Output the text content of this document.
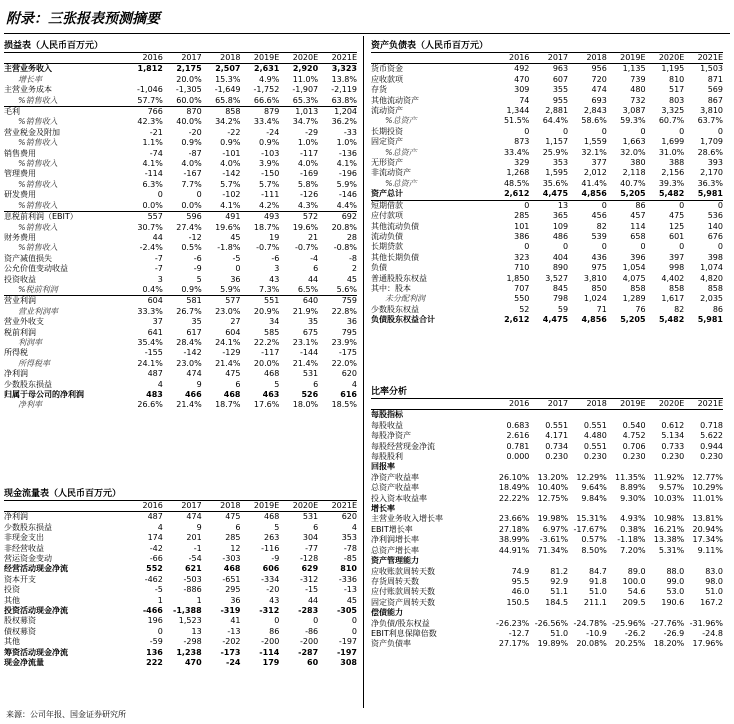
附录：三张报表预测摘要
损益表（人民币百万元）
	2016	2017	2018	2019E	2020E	2021E
主营业务收入	1,812	2,175	2,507	2,631	2,920	3,323
增长率		20.0%	15.3%	4.9%	11.0%	13.8%
主营业务成本	-1,046	-1,305	-1,649	-1,752	-1,907	-2,119
%销售收入	57.7%	60.0%	65.8%	66.6%	65.3%	63.8%
毛利	766	870	858	879	1,013	1,204
%销售收入	42.3%	40.0%	34.2%	33.4%	34.7%	36.2%
营业税金及附加	-21	-20	-22	-24	-29	-33
%销售收入	1.1%	0.9%	0.9%	0.9%	1.0%	1.0%
销售费用	-74	-87	-101	-103	-117	-136
%销售收入	4.1%	4.0%	4.0%	3.9%	4.0%	4.1%
管理费用	-114	-167	-142	-150	-169	-196
%销售收入	6.3%	7.7%	5.7%	5.7%	5.8%	5.9%
研发费用	0	0	-102	-111	-126	-146
%销售收入	0.0%	0.0%	4.1%	4.2%	4.3%	4.4%
息税前利润（EBIT）	557	596	491	493	572	692
%销售收入	30.7%	27.4%	19.6%	18.7%	19.6%	20.8%
财务费用	44	-12	45	19	21	28
%销售收入	-2.4%	0.5%	-1.8%	-0.7%	-0.7%	-0.8%
资产减值损失	-7	-6	-5	-6	-4	-8
公允价值变动收益	-7	-9	0	3	6	2
投资收益	3	5	36	43	44	45
%税前利润	0.4%	0.9%	5.9%	7.3%	6.5%	5.6%
营业利润	604	581	577	551	640	759
营业利润率	33.3%	26.7%	23.0%	20.9%	21.9%	22.8%
营业外收支	37	35	27	34	35	36
税前利润	641	617	604	585	675	795
利润率	35.4%	28.4%	24.1%	22.2%	23.1%	23.9%
所得税	-155	-142	-129	-117	-144	-175
所得税率	24.1%	23.0%	21.4%	20.0%	21.4%	22.0%
净利润	487	474	475	468	531	620
少数股东损益	4	9	6	5	6	4
归属于母公司的净利润	483	466	468	463	526	616
净利率	26.6%	21.4%	18.7%	17.6%	18.0%	18.5%
现金流量表（人民币百万元）
	2016	2017	2018	2019E	2020E	2021E
净利润	487	474	475	468	531	620
少数股东损益	4	9	6	5	6	4
非现金支出	174	201	285	263	304	353
非经营收益	-42	-1	12	-116	-77	-78
营运资金变动	-66	-54	-303	-9	-128	-85
经营活动现金净流	552	621	468	606	629	810
资本开支	-462	-503	-651	-334	-312	-336
投资	-5	-886	295	-20	-15	-13
其他	1	1	36	43	44	45
投资活动现金净流	-466	-1,388	-319	-312	-283	-305
股权募资	196	1,523	41	0	0	0
债权募资	0	13	-13	86	-86	0
其他	-59	-298	-202	-200	-200	-197
筹资活动现金净流	136	1,238	-173	-114	-287	-197
现金净流量	222	470	-24	179	60	308
资产负债表（人民币百万元）
	2016	2017	2018	2019E	2020E	2021E
货币资金	492	963	956	1,135	1,195	1,503
应收款项	470	607	720	739	810	871
存货	309	355	474	480	517	569
其他流动资产	74	955	693	732	803	867
流动资产	1,344	2,881	2,843	3,087	3,325	3,810
%总资产	51.5%	64.4%	58.6%	59.3%	60.7%	63.7%
长期投资	0	0	0	0	0	0
固定资产	873	1,157	1,559	1,663	1,699	1,709
%总资产	33.4%	25.9%	32.1%	32.0%	31.0%	28.6%
无形资产	329	353	377	380	388	393
非流动资产	1,268	1,595	2,012	2,118	2,156	2,170
%总资产	48.5%	35.6%	41.4%	40.7%	39.3%	36.3%
资产总计	2,612	4,475	4,856	5,205	5,482	5,981
短期借款	0	13	0	86	0	0
应付款项	285	365	456	457	475	536
其他流动负债	101	109	82	114	125	140
流动负债	386	486	539	658	601	676
长期贷款	0	0	0	0	0	0
其他长期负债	323	404	436	396	397	398
负债	710	890	975	1,054	998	1,074
普通股股东权益	1,850	3,527	3,810	4,075	4,402	4,820
其中：股本	707	845	850	858	858	858
未分配利润	550	798	1,024	1,289	1,617	2,035
少数股东权益	52	59	71	76	82	86
负债股东权益合计	2,612	4,475	4,856	5,205	5,482	5,981
比率分析
	2016	2017	2018	2019E	2020E	2021E
每股指标						
每股收益	0.683	0.551	0.551	0.540	0.612	0.718
每股净资产	2.616	4.171	4.480	4.752	5.134	5.622
每股经营现金净流	0.781	0.734	0.551	0.706	0.733	0.944
每股股利	0.000	0.230	0.230	0.230	0.230	0.230
回报率						
净资产收益率	26.10%	13.20%	12.29%	11.35%	11.92%	12.77%
总资产收益率	18.49%	10.40%	9.64%	8.89%	9.57%	10.29%
投入资本收益率	22.22%	12.75%	9.84%	9.30%	10.03%	11.01%
增长率						
主营业务收入增长率	23.66%	19.98%	15.31%	4.93%	10.98%	13.81%
EBIT增长率	27.18%	6.97%	-17.67%	0.38%	16.21%	20.94%
净利润增长率	38.99%	-3.61%	0.57%	-1.18%	13.38%	17.34%
总资产增长率	44.91%	71.34%	8.50%	7.20%	5.31%	9.11%
资产管理能力						
应收账款周转天数	74.9	81.2	84.7	89.0	88.0	83.0
存货周转天数	95.5	92.9	91.8	100.0	99.0	98.0
应付账款周转天数	46.0	51.1	51.0	54.6	53.0	51.0
固定资产周转天数	150.5	184.5	211.1	209.5	190.6	167.2
偿债能力						
净负债/股东权益	-26.23%	-26.56%	-24.78%	-25.96%	-27.76%	-31.96%
EBIT利息保障倍数	-12.7	51.0	-10.9	-26.2	-26.9	-24.8
资产负债率	27.17%	19.89%	20.08%	20.25%	18.20%	17.96%
来源：公司年报、国金证券研究所
